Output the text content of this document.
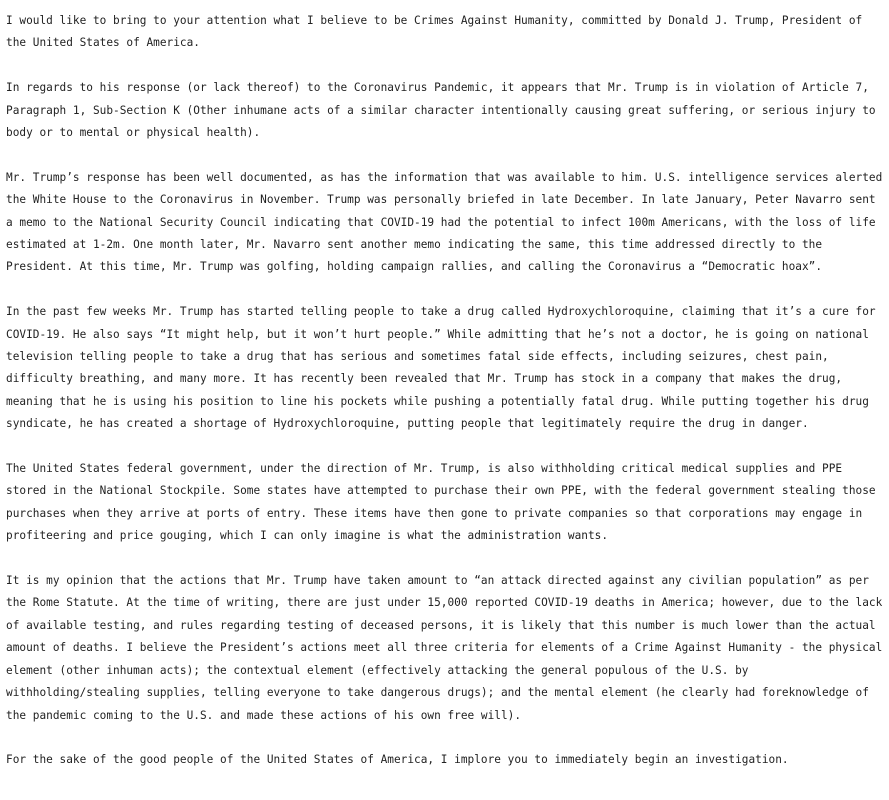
I would like to bring to your attention what I believe to be Crimes Against Humanity, committed by Donald J. Trump, President of the United States of America.

In regards to his response (or lack thereof) to the Coronavirus Pandemic, it appears that Mr. Trump is in violation of Article 7, Paragraph 1, Sub-Section K (Other inhumane acts of a similar character intentionally causing great suffering, or serious injury to body or to mental or physical health).

Mr. Trump’s response has been well documented, as has the information that was available to him. U.S. intelligence services alerted the White House to the Coronavirus in November. Trump was personally briefed in late December. In late January, Peter Navarro sent a memo to the National Security Council indicating that COVID-19 had the potential to infect 100m Americans, with the loss of life estimated at 1-2m. One month later, Mr. Navarro sent another memo indicating the same, this time addressed directly to the President. At this time, Mr. Trump was golfing, holding campaign rallies, and calling the Coronavirus a “Democratic hoax”.

In the past few weeks Mr. Trump has started telling people to take a drug called Hydroxychloroquine, claiming that it’s a cure for COVID-19. He also says “It might help, but it won’t hurt people.” While admitting that he’s not a doctor, he is going on national television telling people to take a drug that has serious and sometimes fatal side effects, including seizures, chest pain, difficulty breathing, and many more. It has recently been revealed that Mr. Trump has stock in a company that makes the drug, meaning that he is using his position to line his pockets while pushing a potentially fatal drug. While putting together his drug syndicate, he has created a shortage of Hydroxychloroquine, putting people that legitimately require the drug in danger.

The United States federal government, under the direction of Mr. Trump, is also withholding critical medical supplies and PPE stored in the National Stockpile. Some states have attempted to purchase their own PPE, with the federal government stealing those purchases when they arrive at ports of entry. These items have then gone to private companies so that corporations may engage in profiteering and price gouging, which I can only imagine is what the administration wants.

It is my opinion that the actions that Mr. Trump have taken amount to “an attack directed against any civilian population” as per the Rome Statute. At the time of writing, there are just under 15,000 reported COVID-19 deaths in America; however, due to the lack of available testing, and rules regarding testing of deceased persons, it is likely that this number is much lower than the actual amount of deaths. I believe the President’s actions meet all three criteria for elements of a Crime Against Humanity - the physical element (other inhuman acts); the contextual element (effectively attacking the general populous of the U.S. by withholding/stealing supplies, telling everyone to take dangerous drugs); and the mental element (he clearly had foreknowledge of the pandemic coming to the U.S. and made these actions of his own free will).

For the sake of the good people of the United States of America, I implore you to immediately begin an investigation.
